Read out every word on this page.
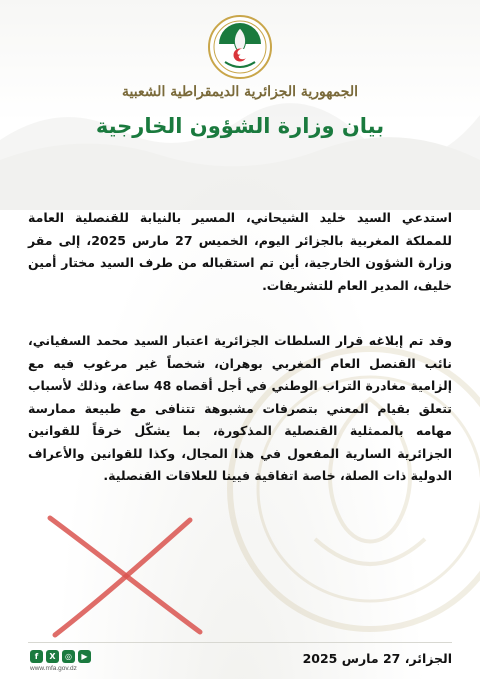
الجمهورية الجزائرية الديمقراطية الشعبية
بيان وزارة الشؤون الخارجية
استدعي السيد خليد الشيحاني، المسير بالنيابة للقنصلية العامة للمملكة المغربية بالجزائر اليوم، الخميس 27 مارس 2025، إلى مقر وزارة الشؤون الخارجية، أين تم استقباله من طرف السيد مختار أمين خليف، المدير العام للتشريفات.
وقد تم إبلاغه قرار السلطات الجزائرية اعتبار السيد محمد السفياني، نائب القنصل العام المغربي بوهران، شخصاً غير مرغوب فيه مع إلزامية مغادرة التراب الوطني في أجل أقصاه 48 ساعة، وذلك لأسباب تتعلق بقيام المعني بتصرفات مشبوهة تتنافى مع طبيعة ممارسة مهامه بالممثلية القنصلية المذكورة، بما يشكّل خرقاً للقوانين الجزائرية السارية المفعول في هذا المجال، وكذا للقوانين والأعراف الدولية ذات الصلة، خاصة اتفاقية فيينا للعلاقات القنصلية.
f	X	◎	▶
www.mfa.gov.dz
الجزائر، 27 مارس 2025
